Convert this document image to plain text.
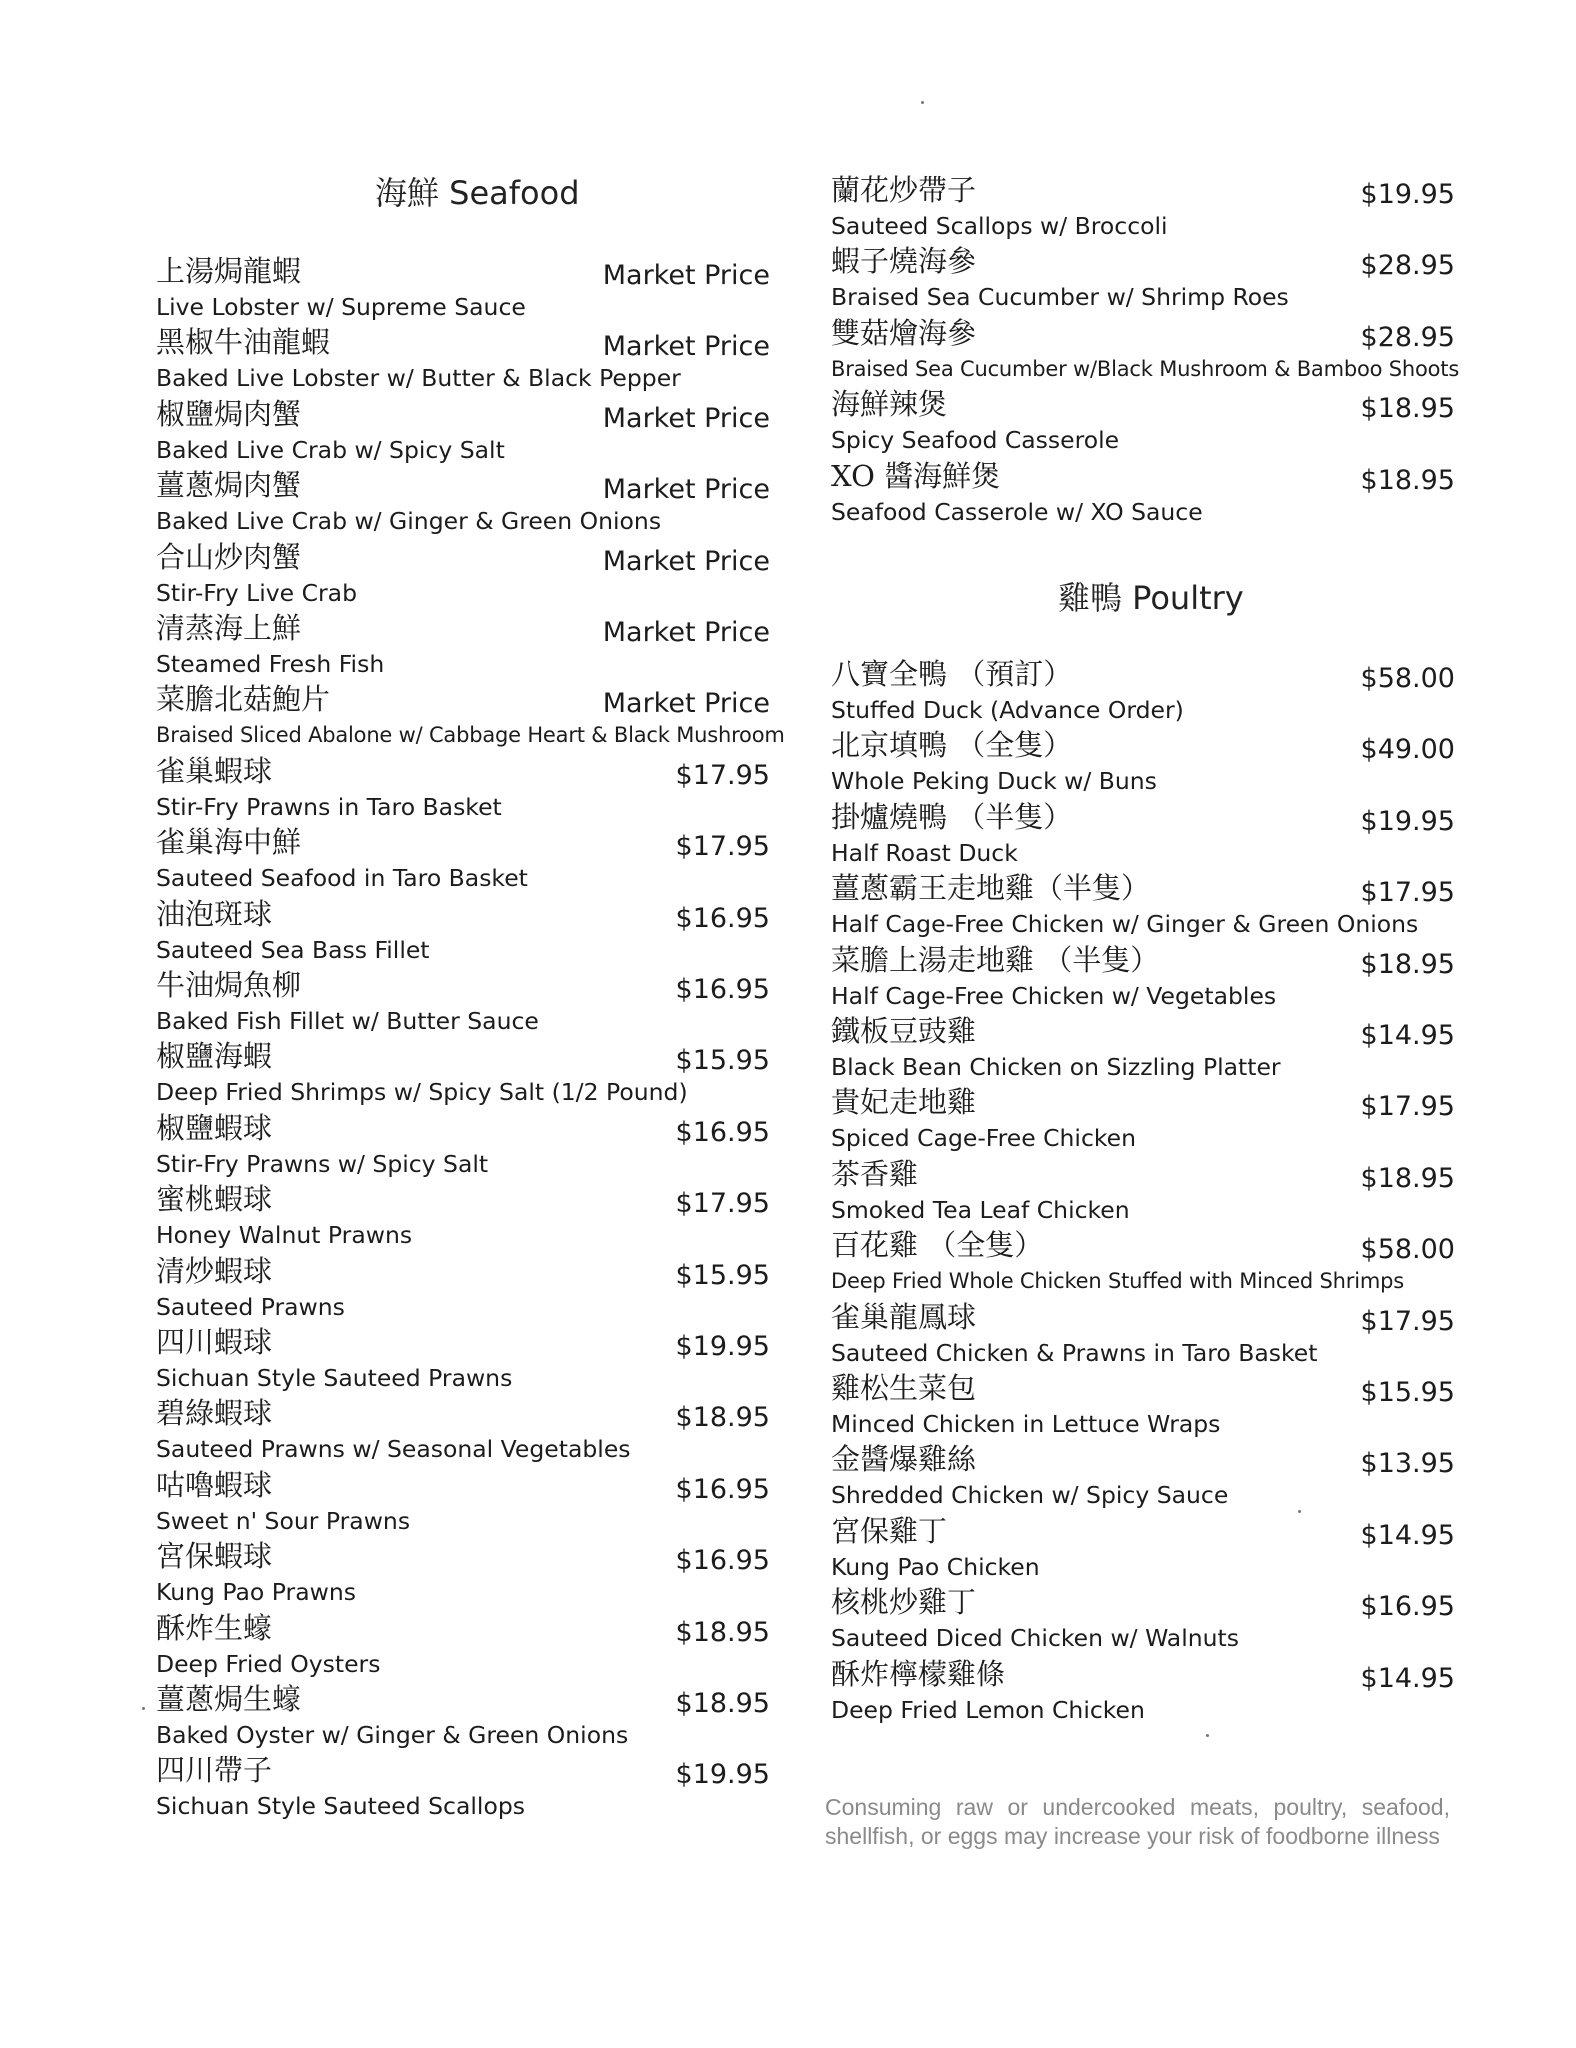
海鮮 Seafood
上湯焗龍蝦	Market Price
Live Lobster w/ Supreme Sauce
黑椒牛油龍蝦	Market Price
Baked Live Lobster w/ Butter & Black Pepper
椒鹽焗肉蟹	Market Price
Baked Live Crab w/ Spicy Salt
薑蔥焗肉蟹	Market Price
Baked Live Crab w/ Ginger & Green Onions
合山炒肉蟹	Market Price
Stir-Fry Live Crab
清蒸海上鮮	Market Price
Steamed Fresh Fish
菜膽北菇鮑片	Market Price
Braised Sliced Abalone w/ Cabbage Heart & Black Mushroom
雀巢蝦球	$17.95
Stir-Fry Prawns in Taro Basket
雀巢海中鮮	$17.95
Sauteed Seafood in Taro Basket
油泡斑球	$16.95
Sauteed Sea Bass Fillet
牛油焗魚柳	$16.95
Baked Fish Fillet w/ Butter Sauce
椒鹽海蝦	$15.95
Deep Fried Shrimps w/ Spicy Salt (1/2 Pound)
椒鹽蝦球	$16.95
Stir-Fry Prawns w/ Spicy Salt
蜜桃蝦球	$17.95
Honey Walnut Prawns
清炒蝦球	$15.95
Sauteed Prawns
四川蝦球	$19.95
Sichuan Style Sauteed Prawns
碧綠蝦球	$18.95
Sauteed Prawns w/ Seasonal Vegetables
咕嚕蝦球	$16.95
Sweet n' Sour Prawns
宮保蝦球	$16.95
Kung Pao Prawns
酥炸生蠔	$18.95
Deep Fried Oysters
薑蔥焗生蠔	$18.95
Baked Oyster w/ Ginger & Green Onions
四川帶子	$19.95
Sichuan Style Sauteed Scallops
蘭花炒帶子	$19.95
Sauteed Scallops w/ Broccoli
蝦子燒海參	$28.95
Braised Sea Cucumber w/ Shrimp Roes
雙菇燴海參	$28.95
Braised Sea Cucumber w/Black Mushroom & Bamboo Shoots
海鮮辣煲	$18.95
Spicy Seafood Casserole
XO 醬海鮮煲	$18.95
Seafood Casserole w/ XO Sauce
雞鴨 Poultry
八寶全鴨 （預訂）	$58.00
Stuffed Duck (Advance Order)
北京填鴨 （全隻）	$49.00
Whole Peking Duck w/ Buns
掛爐燒鴨 （半隻）	$19.95
Half Roast Duck
薑蔥霸王走地雞（半隻）	$17.95
Half Cage-Free Chicken w/ Ginger & Green Onions
菜膽上湯走地雞 （半隻）	$18.95
Half Cage-Free Chicken w/ Vegetables
鐵板豆豉雞	$14.95
Black Bean Chicken on Sizzling Platter
貴妃走地雞	$17.95
Spiced Cage-Free Chicken
茶香雞	$18.95
Smoked Tea Leaf Chicken
百花雞 （全隻）	$58.00
Deep Fried Whole Chicken Stuffed with Minced Shrimps
雀巢龍鳳球	$17.95
Sauteed Chicken & Prawns in Taro Basket
雞松生菜包	$15.95
Minced Chicken in Lettuce Wraps
金醬爆雞絲	$13.95
Shredded Chicken w/ Spicy Sauce
宮保雞丁	$14.95
Kung Pao Chicken
核桃炒雞丁	$16.95
Sauteed Diced Chicken w/ Walnuts
酥炸檸檬雞條	$14.95
Deep Fried Lemon Chicken
Consuming raw or undercooked meats, poultry, seafood, shellfish, or eggs may increase your risk of foodborne illness
